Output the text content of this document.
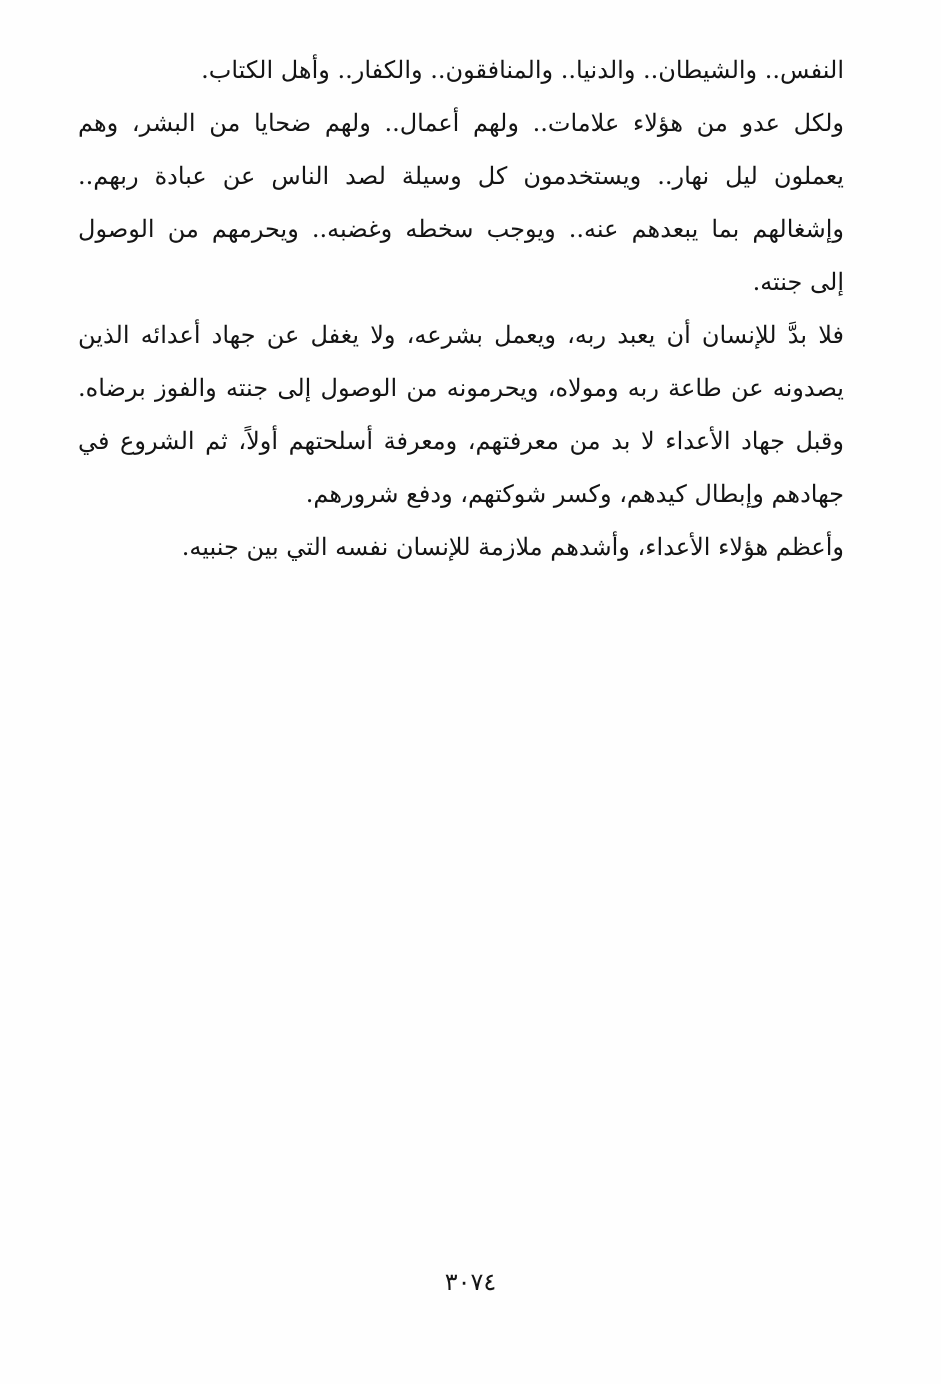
النفس.. والشيطان.. والدنيا.. والمنافقون.. والكفار.. وأهل الكتاب.
ولكل عدو من هؤلاء علامات.. ولهم أعمال.. ولهم ضحايا من البشر، وهم
يعملون ليل نهار.. ويستخدمون كل وسيلة لصد الناس عن عبادة ربهم..
وإشغالهم بما يبعدهم عنه.. ويوجب سخطه وغضبه.. ويحرمهم من الوصول
إلى جنته.
فلا بدَّ للإنسان أن يعبد ربه، ويعمل بشرعه، ولا يغفل عن جهاد أعدائه الذين
يصدونه عن طاعة ربه ومولاه، ويحرمونه من الوصول إلى جنته والفوز برضاه.
وقبل جهاد الأعداء لا بد من معرفتهم، ومعرفة أسلحتهم أولاً، ثم الشروع في
جهادهم وإبطال كيدهم، وكسر شوكتهم، ودفع شرورهم.
وأعظم هؤلاء الأعداء، وأشدهم ملازمة للإنسان نفسه التي بين جنبيه.
٣٠٧٤
